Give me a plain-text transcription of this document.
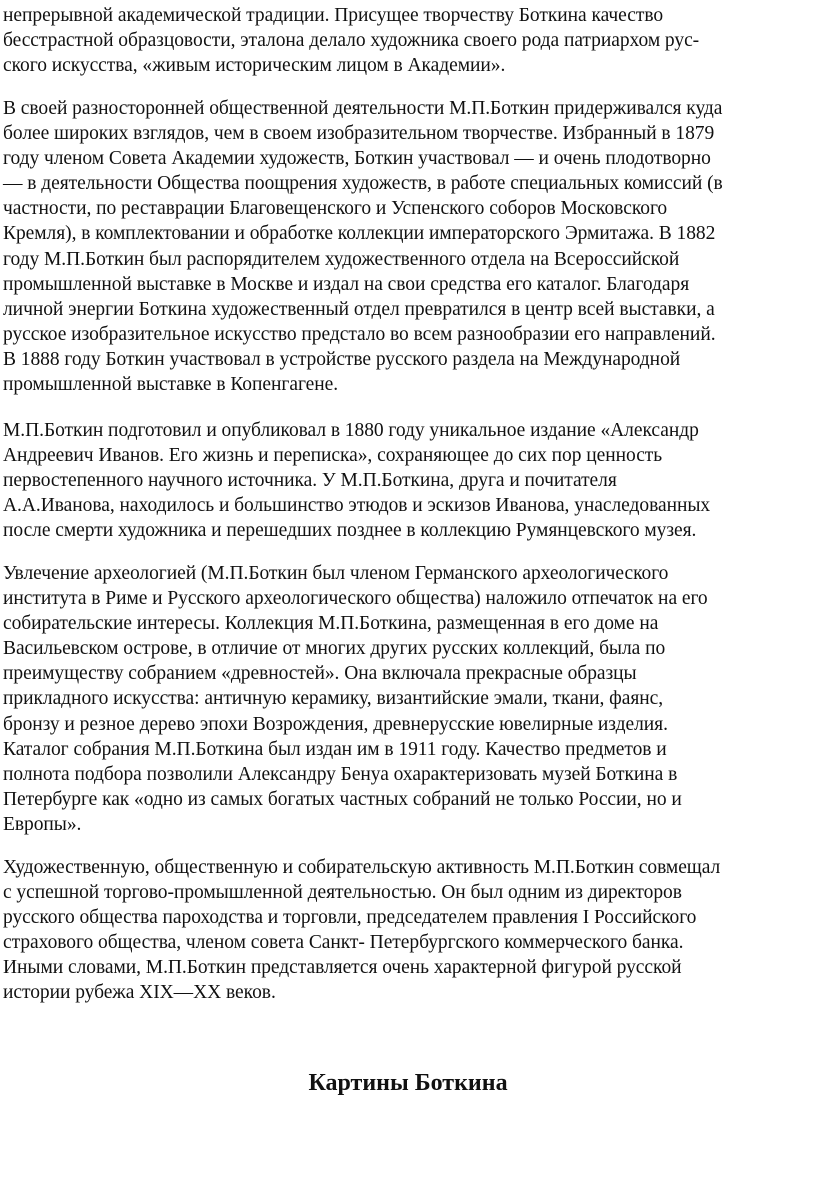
непрерывной академической традиции. Присущее творчеству Боткина качество
бесстрастной образцовости, эталона делало художника своего рода патриархом рус-
ского искусства, «живым историческим лицом в Академии».

В своей разносторонней общественной деятельности М.П.Боткин придерживался куда
более широких взглядов, чем в своем изобразительном творчестве. Избранный в 1879
году членом Совета Академии художеств, Боткин участвовал — и очень плодотворно
— в деятельности Общества поощрения художеств, в работе специальных комиссий (в
частности, по реставрации Благовещенского и Успенского соборов Московского
Кремля), в комплектовании и обработке коллекции императорского Эрмитажа. В 1882
году М.П.Боткин был распорядителем художественного отдела на Всероссийской
промышленной выставке в Москве и издал на свои средства его каталог. Благодаря
личной энергии Боткина художественный отдел превратился в центр всей выставки, а
русское изобразительное искусство предстало во всем разнообразии его направлений.
В 1888 году Боткин участвовал в устройстве русского раздела на Международной
промышленной выставке в Копенгагене.

М.П.Боткин подготовил и опубликовал в 1880 году уникальное издание «Александр
Андреевич Иванов. Его жизнь и переписка», сохраняющее до сих пор ценность
первостепенного научного источника. У М.П.Боткина, друга и почитателя
А.А.Иванова, находилось и большинство этюдов и эскизов Иванова, унаследованных
после смерти художника и перешедших позднее в коллекцию Румянцевского музея.

Увлечение археологией (М.П.Боткин был членом Германского археологического
института в Риме и Русского археологического общества) наложило отпечаток на его
собирательские интересы. Коллекция М.П.Боткина, размещенная в его доме на
Васильевском острове, в отличие от многих других русских коллекций, была по
преимуществу собранием «древностей». Она включала прекрасные образцы
прикладного искусства: античную керамику, византийские эмали, ткани, фаянс,
бронзу и резное дерево эпохи Возрождения, древнерусские ювелирные изделия.
Каталог собрания М.П.Боткина был издан им в 1911 году. Качество предметов и
полнота подбора позволили Александру Бенуа охарактеризовать музей Боткина в
Петербурге как «одно из самых богатых частных собраний не только России, но и
Европы».

Художественную, общественную и собирательскую активность М.П.Боткин совмещал
с успешной торгово-промышленной деятельностью. Он был одним из директоров
русского общества пароходства и торговли, председателем правления I Российского
страхового общества, членом совета Санкт- Петербургского коммерческого банка.
Иными словами, М.П.Боткин представляется очень характерной фигурой русской
истории рубежа XIX—XX веков.

Картины Боткина
